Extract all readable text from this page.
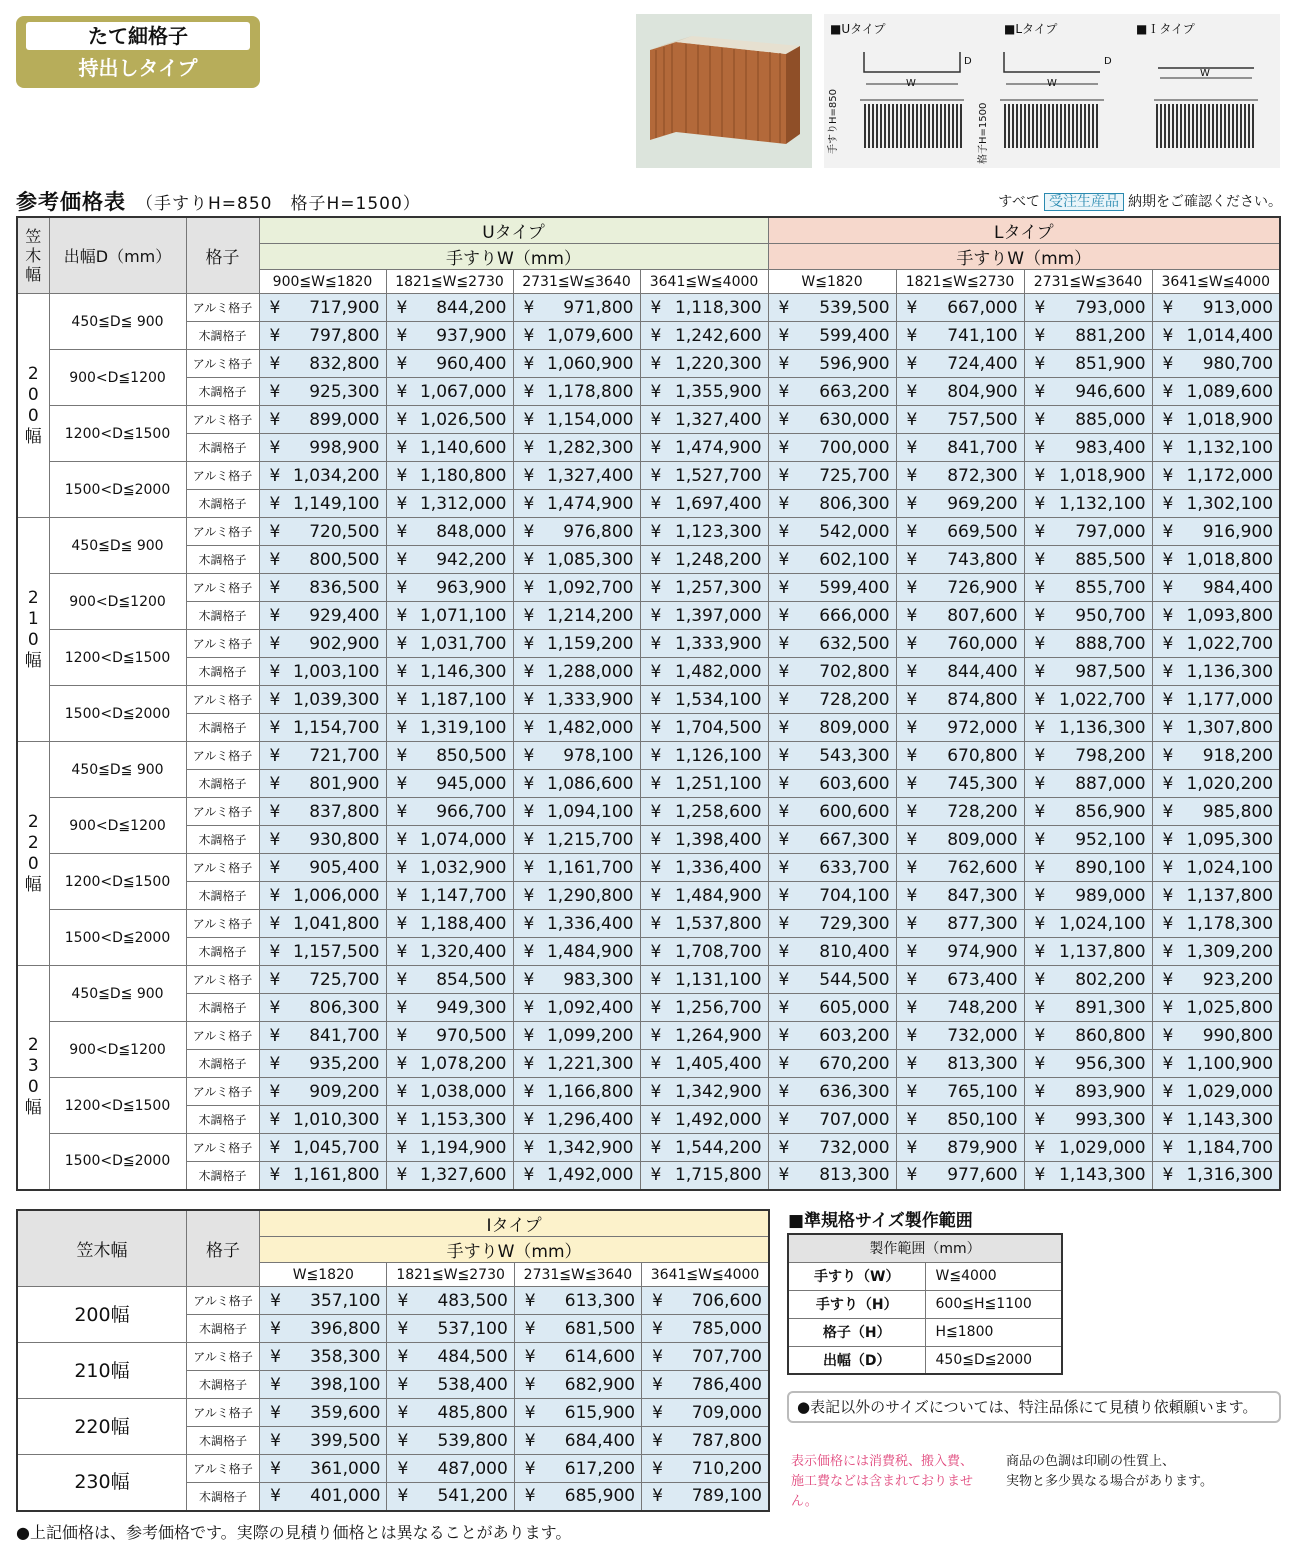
たて細格子
持出しタイプ
■Uタイプ	■Lタイプ	■Ｉタイプ
W	W
W
D	D
手すりH=850	格子H=1500
参考価格表 （手すりH=850　格子H=1500）	すべて 受注生産品 納期をご確認ください。
笠木幅	出幅D（mm）	格子	Uタイプ				Lタイプ			
			手すりW（mm）				手すりW（mm）			
			900≦W≦1820	1821≦W≦2730	2731≦W≦3640	3641≦W≦4000	W≦1820	1821≦W≦2730	2731≦W≦3640	3641≦W≦4000
200幅	450≦D≦ 900	アルミ格子	¥ 717,900	¥ 844,200	¥ 971,800	¥ 1,118,300	¥ 539,500	¥ 667,000	¥ 793,000	¥ 913,000

		木調格子	¥ 797,800	¥ 937,900	¥ 1,079,600	¥ 1,242,600	¥ 599,400	¥ 741,100	¥ 881,200	¥ 1,014,400

	900<D≦1200	アルミ格子	¥ 832,800	¥ 960,400	¥ 1,060,900	¥ 1,220,300	¥ 596,900	¥ 724,400	¥ 851,900	¥ 980,700

		木調格子	¥ 925,300	¥ 1,067,000	¥ 1,178,800	¥ 1,355,900	¥ 663,200	¥ 804,900	¥ 946,600	¥ 1,089,600

	1200<D≦1500	アルミ格子	¥ 899,000	¥ 1,026,500	¥ 1,154,000	¥ 1,327,400	¥ 630,000	¥ 757,500	¥ 885,000	¥ 1,018,900

		木調格子	¥ 998,900	¥ 1,140,600	¥ 1,282,300	¥ 1,474,900	¥ 700,000	¥ 841,700	¥ 983,400	¥ 1,132,100

	1500<D≦2000	アルミ格子	¥ 1,034,200	¥ 1,180,800	¥ 1,327,400	¥ 1,527,700	¥ 725,700	¥ 872,300	¥ 1,018,900	¥ 1,172,000

		木調格子	¥ 1,149,100	¥ 1,312,000	¥ 1,474,900	¥ 1,697,400	¥ 806,300	¥ 969,200	¥ 1,132,100	¥ 1,302,100

210幅	450≦D≦ 900	アルミ格子	¥ 720,500	¥ 848,000	¥ 976,800	¥ 1,123,300	¥ 542,000	¥ 669,500	¥ 797,000	¥ 916,900

		木調格子	¥ 800,500	¥ 942,200	¥ 1,085,300	¥ 1,248,200	¥ 602,100	¥ 743,800	¥ 885,500	¥ 1,018,800

	900<D≦1200	アルミ格子	¥ 836,500	¥ 963,900	¥ 1,092,700	¥ 1,257,300	¥ 599,400	¥ 726,900	¥ 855,700	¥ 984,400

		木調格子	¥ 929,400	¥ 1,071,100	¥ 1,214,200	¥ 1,397,000	¥ 666,000	¥ 807,600	¥ 950,700	¥ 1,093,800

	1200<D≦1500	アルミ格子	¥ 902,900	¥ 1,031,700	¥ 1,159,200	¥ 1,333,900	¥ 632,500	¥ 760,000	¥ 888,700	¥ 1,022,700

		木調格子	¥ 1,003,100	¥ 1,146,300	¥ 1,288,000	¥ 1,482,000	¥ 702,800	¥ 844,400	¥ 987,500	¥ 1,136,300

	1500<D≦2000	アルミ格子	¥ 1,039,300	¥ 1,187,100	¥ 1,333,900	¥ 1,534,100	¥ 728,200	¥ 874,800	¥ 1,022,700	¥ 1,177,000

		木調格子	¥ 1,154,700	¥ 1,319,100	¥ 1,482,000	¥ 1,704,500	¥ 809,000	¥ 972,000	¥ 1,136,300	¥ 1,307,800

220幅	450≦D≦ 900	アルミ格子	¥ 721,700	¥ 850,500	¥ 978,100	¥ 1,126,100	¥ 543,300	¥ 670,800	¥ 798,200	¥ 918,200

		木調格子	¥ 801,900	¥ 945,000	¥ 1,086,600	¥ 1,251,100	¥ 603,600	¥ 745,300	¥ 887,000	¥ 1,020,200

	900<D≦1200	アルミ格子	¥ 837,800	¥ 966,700	¥ 1,094,100	¥ 1,258,600	¥ 600,600	¥ 728,200	¥ 856,900	¥ 985,800

		木調格子	¥ 930,800	¥ 1,074,000	¥ 1,215,700	¥ 1,398,400	¥ 667,300	¥ 809,000	¥ 952,100	¥ 1,095,300

	1200<D≦1500	アルミ格子	¥ 905,400	¥ 1,032,900	¥ 1,161,700	¥ 1,336,400	¥ 633,700	¥ 762,600	¥ 890,100	¥ 1,024,100

		木調格子	¥ 1,006,000	¥ 1,147,700	¥ 1,290,800	¥ 1,484,900	¥ 704,100	¥ 847,300	¥ 989,000	¥ 1,137,800

	1500<D≦2000	アルミ格子	¥ 1,041,800	¥ 1,188,400	¥ 1,336,400	¥ 1,537,800	¥ 729,300	¥ 877,300	¥ 1,024,100	¥ 1,178,300

		木調格子	¥ 1,157,500	¥ 1,320,400	¥ 1,484,900	¥ 1,708,700	¥ 810,400	¥ 974,900	¥ 1,137,800	¥ 1,309,200

230幅	450≦D≦ 900	アルミ格子	¥ 725,700	¥ 854,500	¥ 983,300	¥ 1,131,100	¥ 544,500	¥ 673,400	¥ 802,200	¥ 923,200

		木調格子	¥ 806,300	¥ 949,300	¥ 1,092,400	¥ 1,256,700	¥ 605,000	¥ 748,200	¥ 891,300	¥ 1,025,800

	900<D≦1200	アルミ格子	¥ 841,700	¥ 970,500	¥ 1,099,200	¥ 1,264,900	¥ 603,200	¥ 732,000	¥ 860,800	¥ 990,800

		木調格子	¥ 935,200	¥ 1,078,200	¥ 1,221,300	¥ 1,405,400	¥ 670,200	¥ 813,300	¥ 956,300	¥ 1,100,900

	1200<D≦1500	アルミ格子	¥ 909,200	¥ 1,038,000	¥ 1,166,800	¥ 1,342,900	¥ 636,300	¥ 765,100	¥ 893,900	¥ 1,029,000

		木調格子	¥ 1,010,300	¥ 1,153,300	¥ 1,296,400	¥ 1,492,000	¥ 707,000	¥ 850,100	¥ 993,300	¥ 1,143,300

	1500<D≦2000	アルミ格子	¥ 1,045,700	¥ 1,194,900	¥ 1,342,900	¥ 1,544,200	¥ 732,000	¥ 879,900	¥ 1,029,000	¥ 1,184,700

		木調格子	¥ 1,161,800	¥ 1,327,600	¥ 1,492,000	¥ 1,715,800	¥ 813,300	¥ 977,600	¥ 1,143,300	¥ 1,316,300
笠木幅	格子	Iタイプ			
		手すりW（mm）			
		W≦1820	1821≦W≦2730	2731≦W≦3640	3641≦W≦4000
200幅	アルミ格子	¥ 357,100	¥ 483,500	¥ 613,300	¥ 706,600

	木調格子	¥ 396,800	¥ 537,100	¥ 681,500	¥ 785,000

210幅	アルミ格子	¥ 358,300	¥ 484,500	¥ 614,600	¥ 707,700

	木調格子	¥ 398,100	¥ 538,400	¥ 682,900	¥ 786,400

220幅	アルミ格子	¥ 359,600	¥ 485,800	¥ 615,900	¥ 709,000

	木調格子	¥ 399,500	¥ 539,800	¥ 684,400	¥ 787,800

230幅	アルミ格子	¥ 361,000	¥ 487,000	¥ 617,200	¥ 710,200

	木調格子	¥ 401,000	¥ 541,200	¥ 685,900	¥ 789,100
■準規格サイズ製作範囲
製作範囲（mm）	
手すり（W）	W≦4000
手すり（H）	600≦H≦1100
格子（H）	H≦1800
出幅（D）	450≦D≦2000
●表記以外のサイズについては、特注品係にて見積り依頼願います。
表示価格には消費税、搬入費、
施工費などは含まれておりません。
商品の色調は印刷の性質上、
実物と多少異なる場合があります。
●上記価格は、参考価格です。実際の見積り価格とは異なることがあります。
